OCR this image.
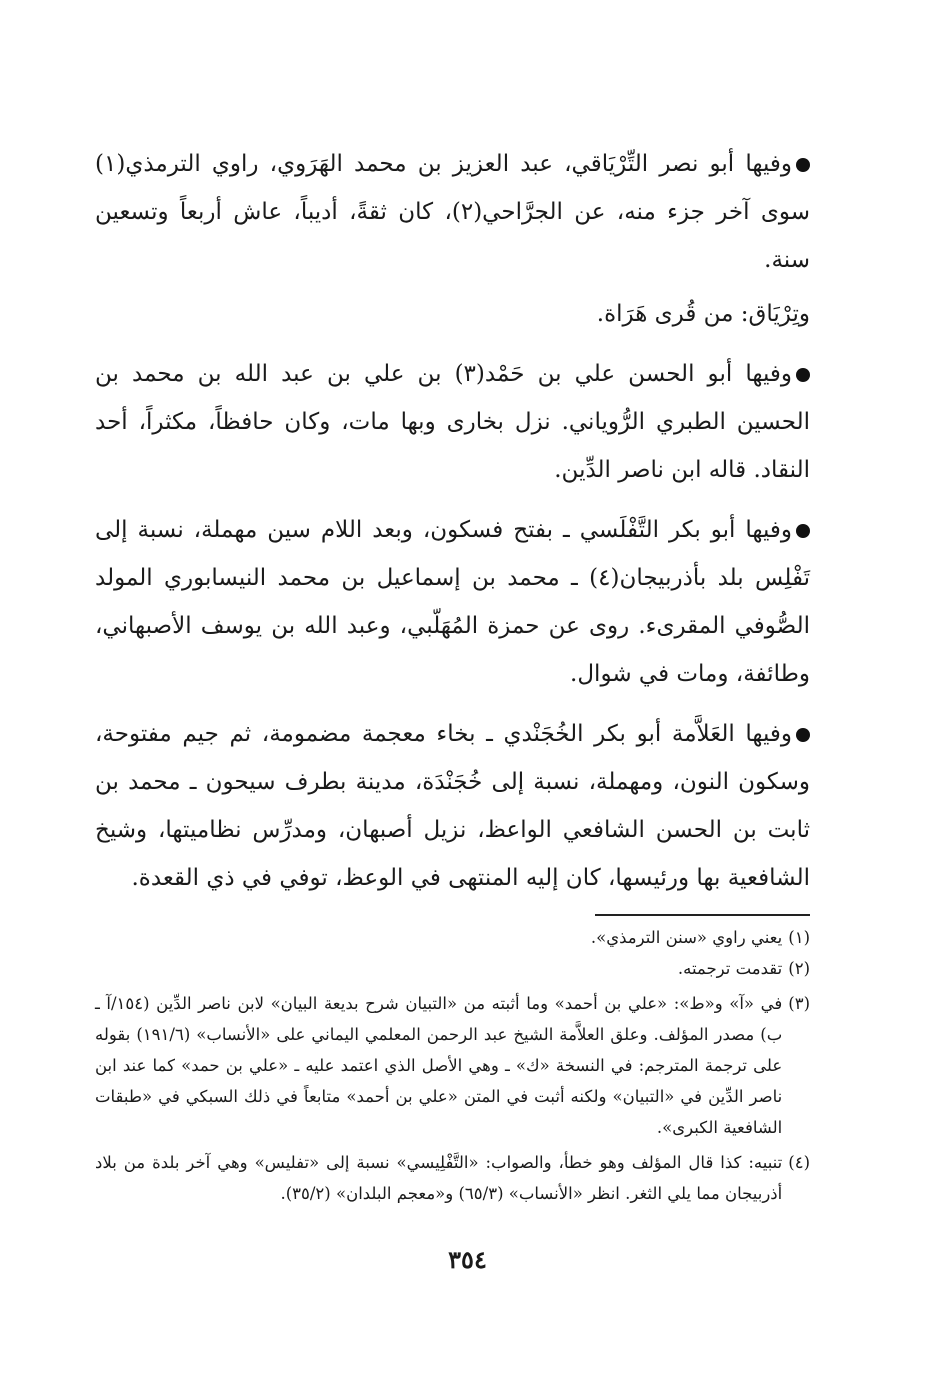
وفيها أبو نصر التِّرْيَاقي، عبد العزيز بن محمد الهَرَوي، راوي الترمذي(١) سوى آخر جزء منه، عن الجرَّاحي(٢)، كان ثقةً، أديباً، عاش أربعاً وتسعين سنة.

وتِرْيَاق: من قُرى هَرَاة.

وفيها أبو الحسن علي بن حَمْد(٣) بن علي بن عبد الله بن محمد بن الحسين الطبري الرُّوياني. نزل بخارى وبها مات، وكان حافظاً، مكثراً، أحد النقاد. قاله ابن ناصر الدِّين.

وفيها أبو بكر التَّفْلَسي ـ بفتح فسكون، وبعد اللام سين مهملة، نسبة إلى تَفْلِس بلد بأذربيجان(٤) ـ محمد بن إسماعيل بن محمد النيسابوري المولد الصُّوفي المقرىء. روى عن حمزة المُهَلّبي، وعبد الله بن يوسف الأصبهاني، وطائفة، ومات في شوال.

وفيها العَلاَّمة أبو بكر الخُجَنْدي ـ بخاء معجمة مضمومة، ثم جيم مفتوحة، وسكون النون، ومهملة، نسبة إلى خُجَنْدَة، مدينة بطرف سيحون ـ محمد بن ثابت بن الحسن الشافعي الواعظ، نزيل أصبهان، ومدرِّس نظاميتها، وشيخ الشافعية بها ورئيسها، كان إليه المنتهى في الوعظ، توفي في ذي القعدة.

(١)
يعني راوي «سنن الترمذي».
(٢)
تقدمت ترجمته.
(٣)
في «آ» و«ط»: «علي بن أحمد» وما أثبته من «التبيان شرح بديعة البيان» لابن ناصر الدِّين (١٥٤/آ ـ ب) مصدر المؤلف. وعلق العلاَّمة الشيخ عبد الرحمن المعلمي اليماني على «الأنساب» (١٩١/٦) بقوله على ترجمة المترجم: في النسخة «ك» ـ وهي الأصل الذي اعتمد عليه ـ «علي بن حمد» كما عند ابن ناصر الدِّين في «التبيان» ولكنه أثبت في المتن «علي بن أحمد» متابعاً في ذلك السبكي في «طبقات الشافعية الكبرى».
(٤)
تنبيه: كذا قال المؤلف وهو خطأ، والصواب: «التَّفْلِيسي» نسبة إلى «تفليس» وهي آخر بلدة من بلاد أذربيجان مما يلي الثغر. انظر «الأنساب» (٦٥/٣) و«معجم البلدان» (٣٥/٢).
٣٥٤
